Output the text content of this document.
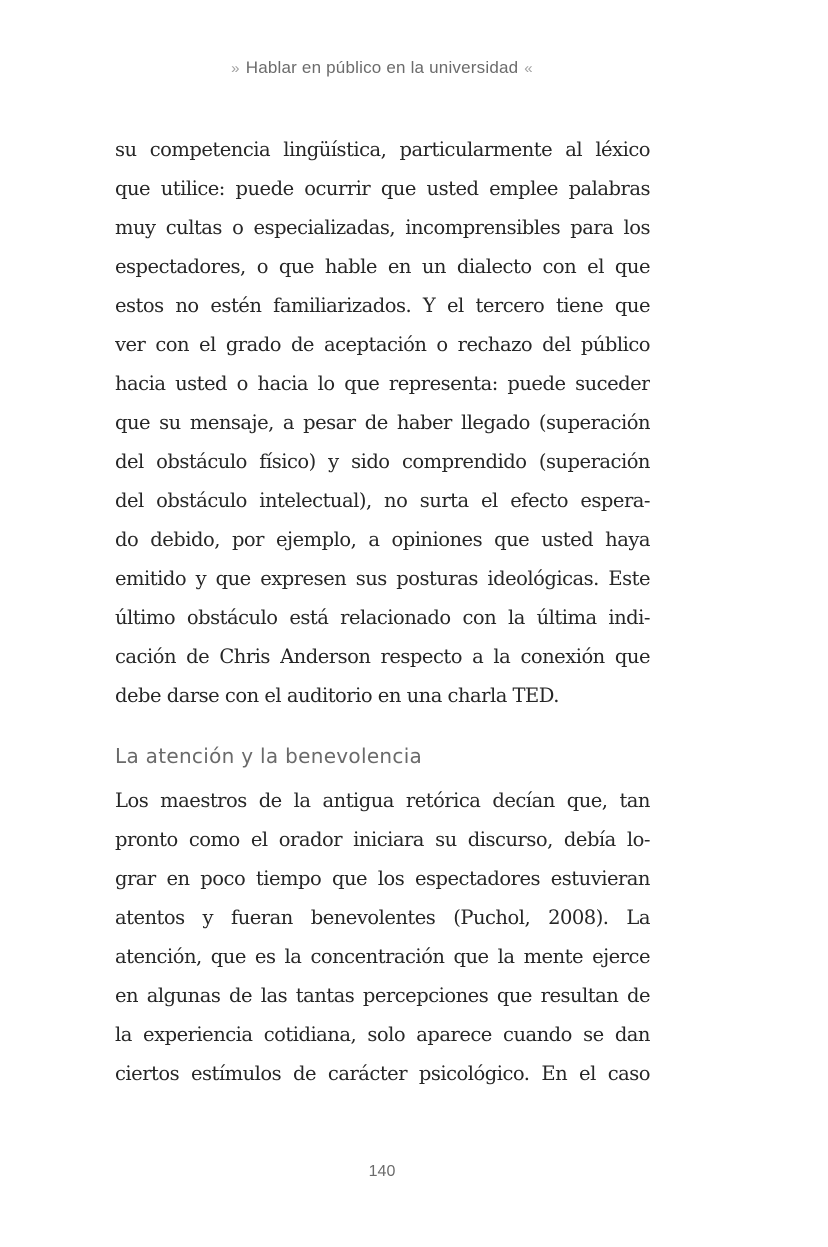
» Hablar en público en la universidad «
su competencia lingüística, particularmente al léxico
que utilice: puede ocurrir que usted emplee palabras
muy cultas o especializadas, incomprensibles para los
espectadores, o que hable en un dialecto con el que
estos no estén familiarizados. Y el tercero tiene que
ver con el grado de aceptación o rechazo del público
hacia usted o hacia lo que representa: puede suceder
que su mensaje, a pesar de haber llegado (superación
del obstáculo físico) y sido comprendido (superación
del obstáculo intelectual), no surta el efecto espera-
do debido, por ejemplo, a opiniones que usted haya
emitido y que expresen sus posturas ideológicas. Este
último obstáculo está relacionado con la última indi-
cación de Chris Anderson respecto a la conexión que
debe darse con el auditorio en una charla TED.
La atención y la benevolencia
Los maestros de la antigua retórica decían que, tan
pronto como el orador iniciara su discurso, debía lo-
grar en poco tiempo que los espectadores estuvieran
atentos y fueran benevolentes (Puchol, 2008). La
atención, que es la concentración que la mente ejerce
en algunas de las tantas percepciones que resultan de
la experiencia cotidiana, solo aparece cuando se dan
ciertos estímulos de carácter psicológico. En el caso
140
